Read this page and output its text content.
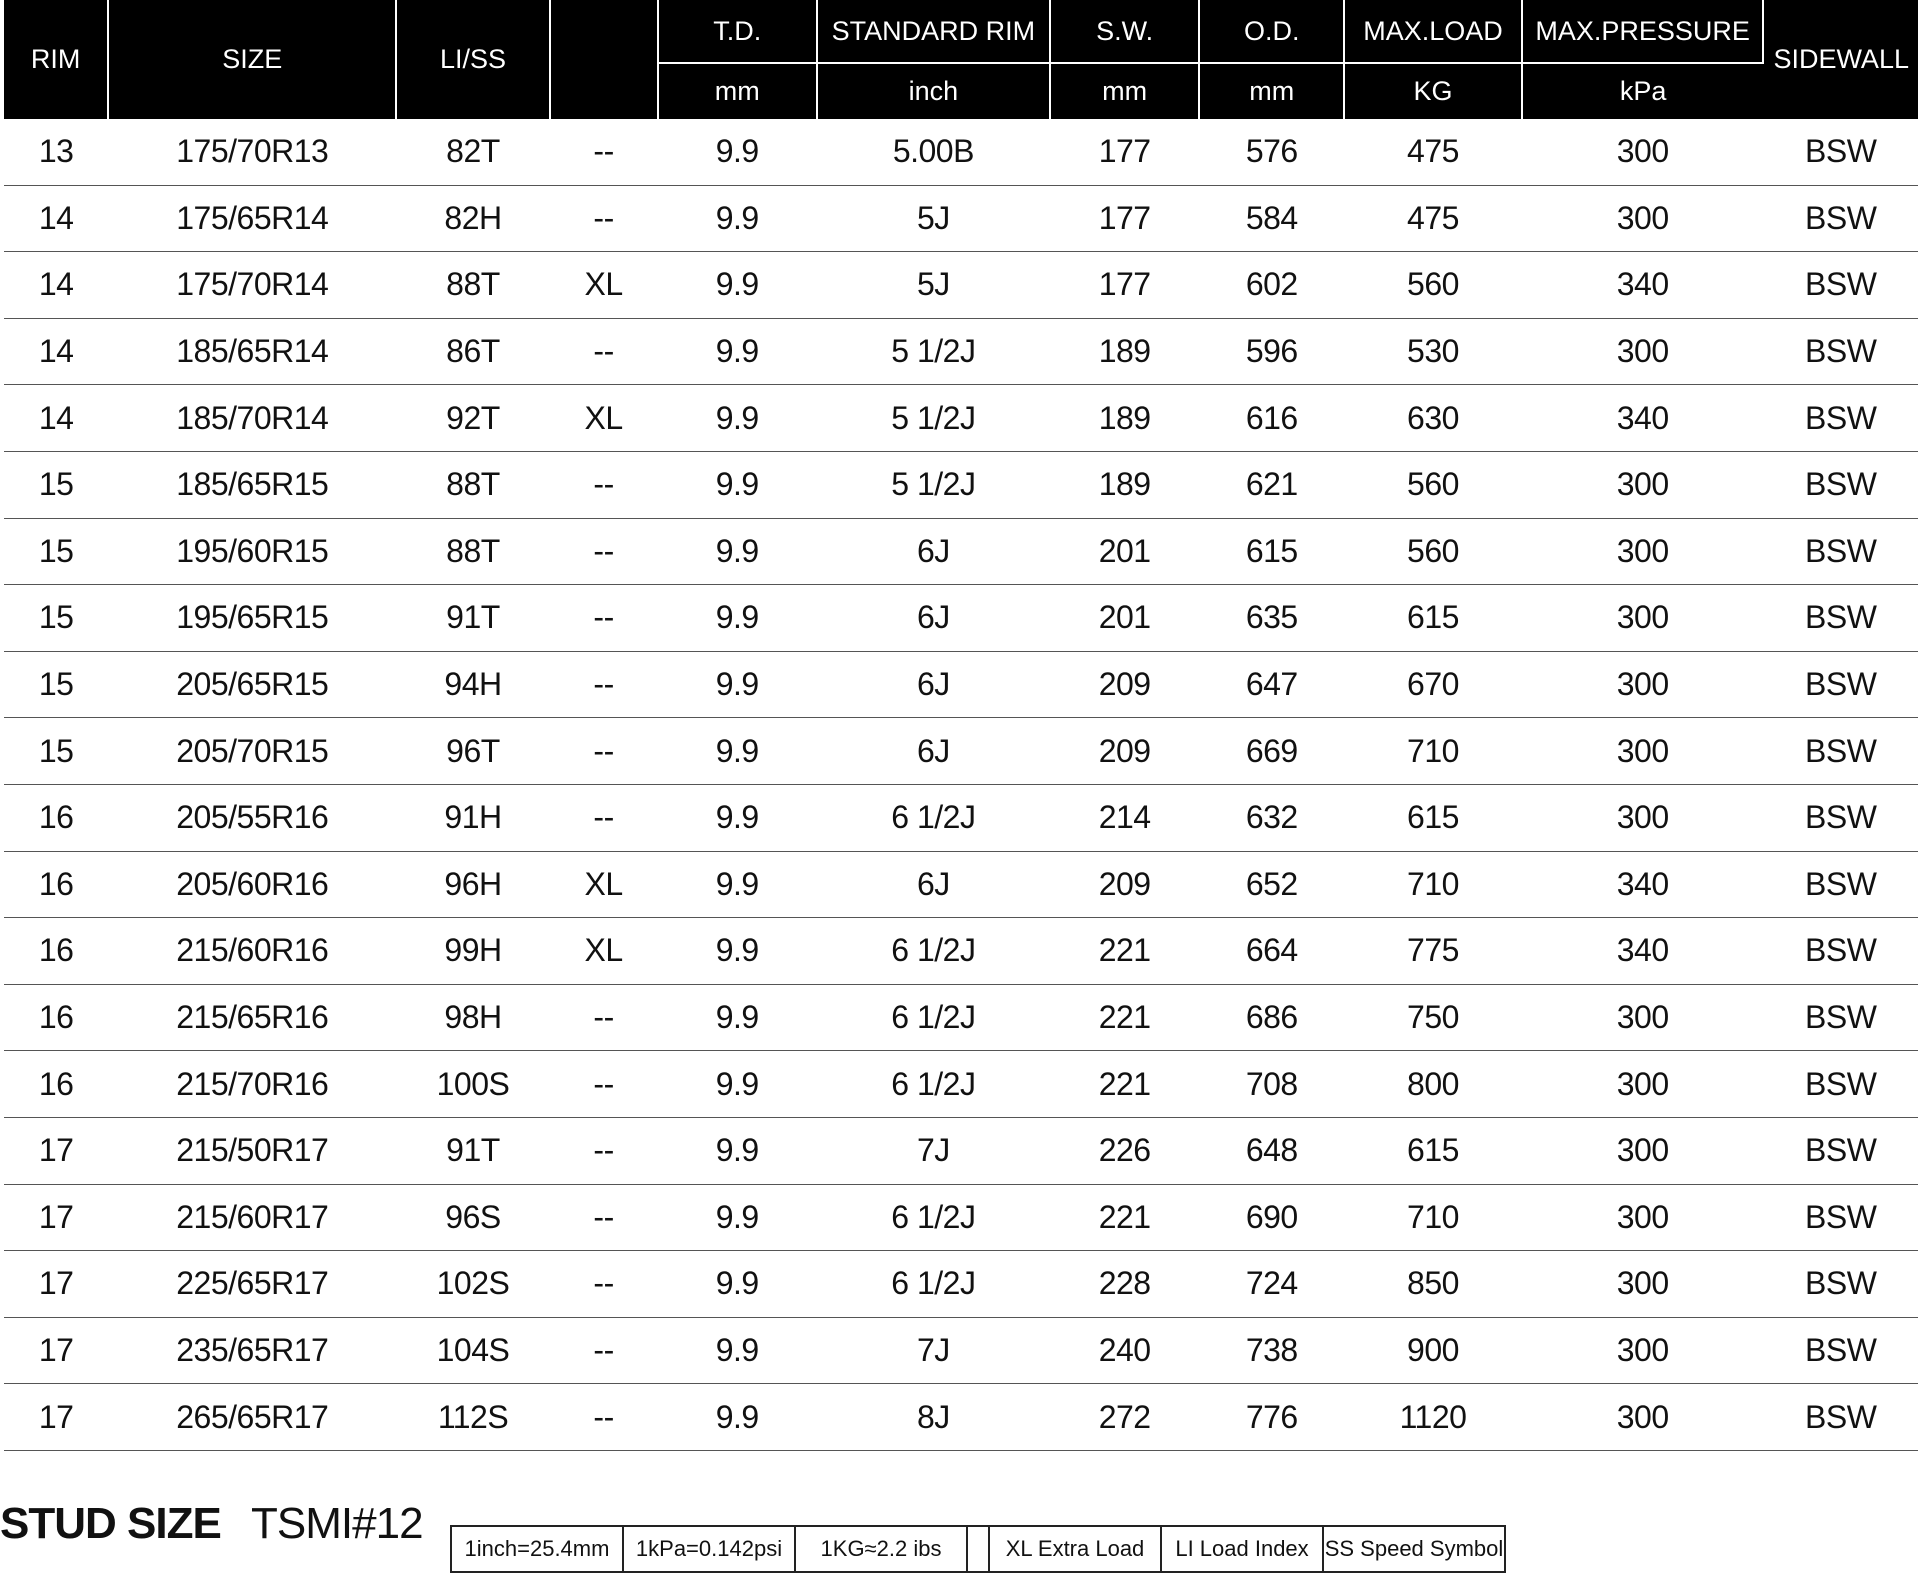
RIM	SIZE	LI/SS		T.D.	STANDARD RIM	S.W.	O.D.	MAX.LOAD	MAX.PRESSURE	SIDEWALL
				mm	inch	mm	mm	KG	kPa	
13	175/70R13	82T	--	9.9	5.00B	177	576	475	300	BSW
14	175/65R14	82H	--	9.9	5J	177	584	475	300	BSW
14	175/70R14	88T	XL	9.9	5J	177	602	560	340	BSW
14	185/65R14	86T	--	9.9	5 1/2J	189	596	530	300	BSW
14	185/70R14	92T	XL	9.9	5 1/2J	189	616	630	340	BSW
15	185/65R15	88T	--	9.9	5 1/2J	189	621	560	300	BSW
15	195/60R15	88T	--	9.9	6J	201	615	560	300	BSW
15	195/65R15	91T	--	9.9	6J	201	635	615	300	BSW
15	205/65R15	94H	--	9.9	6J	209	647	670	300	BSW
15	205/70R15	96T	--	9.9	6J	209	669	710	300	BSW
16	205/55R16	91H	--	9.9	6 1/2J	214	632	615	300	BSW
16	205/60R16	96H	XL	9.9	6J	209	652	710	340	BSW
16	215/60R16	99H	XL	9.9	6 1/2J	221	664	775	340	BSW
16	215/65R16	98H	--	9.9	6 1/2J	221	686	750	300	BSW
16	215/70R16	100S	--	9.9	6 1/2J	221	708	800	300	BSW
17	215/50R17	91T	--	9.9	7J	226	648	615	300	BSW
17	215/60R17	96S	--	9.9	6 1/2J	221	690	710	300	BSW
17	225/65R17	102S	--	9.9	6 1/2J	228	724	850	300	BSW
17	235/65R17	104S	--	9.9	7J	240	738	900	300	BSW
17	265/65R17	112S	--	9.9	8J	272	776	1120	300	BSW
STUD SIZE TSMI#12
1inch=25.4mm	1kPa=0.142psi	1KG≈2.2 ibs	XL Extra Load	LI Load Index SS Speed Symbol
